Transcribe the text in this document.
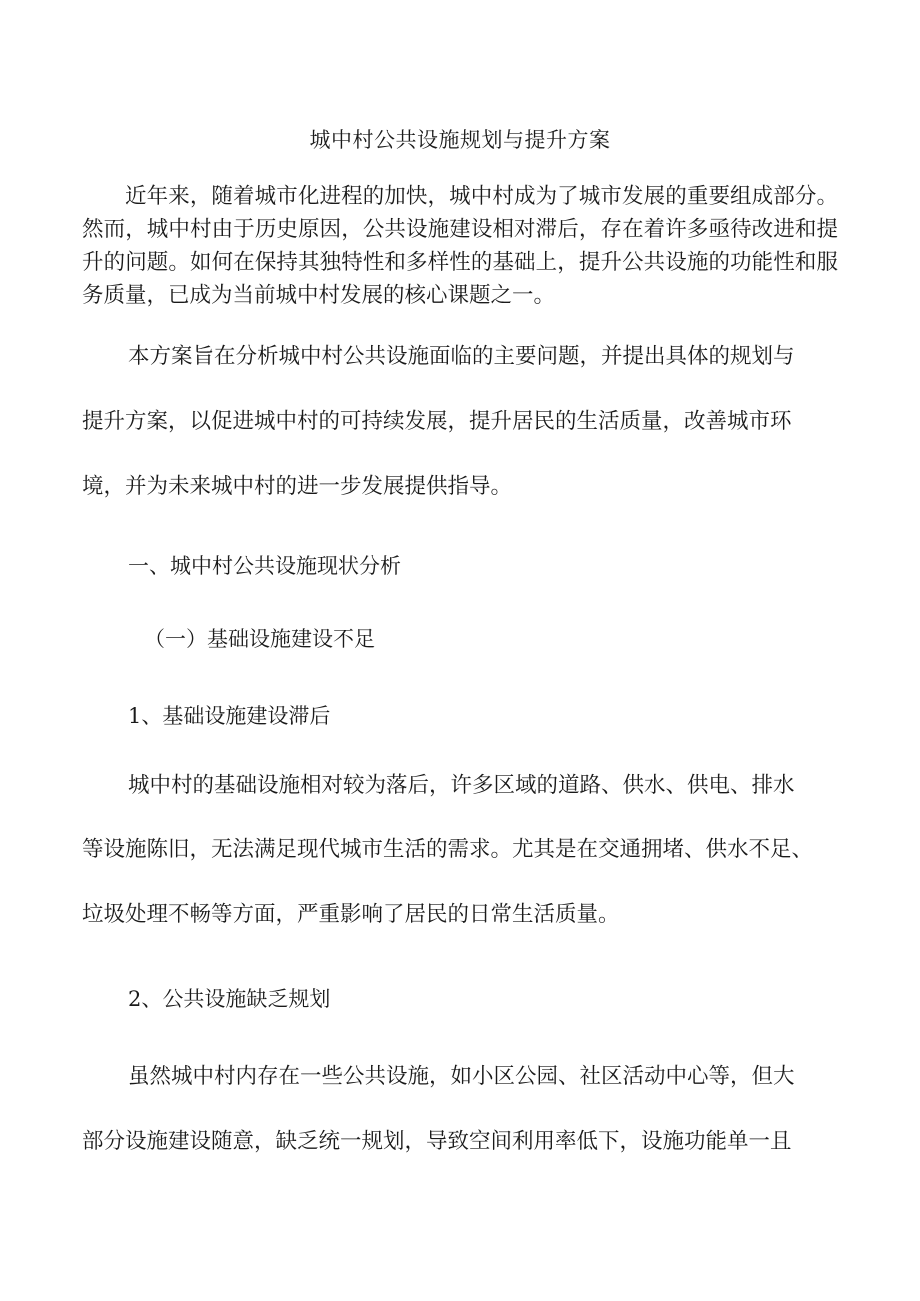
城中村公共设施规划与提升方案

近年来，随着城市化进程的加快，城中村成为了城市发展的重要组成部分。然而，城中村由于历史原因，公共设施建设相对滞后，存在着许多亟待改进和提升的问题。如何在保持其独特性和多样性的基础上，提升公共设施的功能性和服务质量，已成为当前城中村发展的核心课题之一。

本方案旨在分析城中村公共设施面临的主要问题，并提出具体的规划与
提升方案，以促进城中村的可持续发展，提升居民的生活质量，改善城市环
境，并为未来城中村的进一步发展提供指导。
一、城中村公共设施现状分析
（一）基础设施建设不足
1、基础设施建设滞后
城中村的基础设施相对较为落后，许多区域的道路、供水、供电、排水
等设施陈旧，无法满足现代城市生活的需求。尤其是在交通拥堵、供水不足、
垃圾处理不畅等方面，严重影响了居民的日常生活质量。
2、公共设施缺乏规划
虽然城中村内存在一些公共设施，如小区公园、社区活动中心等，但大
部分设施建设随意，缺乏统一规划，导致空间利用率低下，设施功能单一且
